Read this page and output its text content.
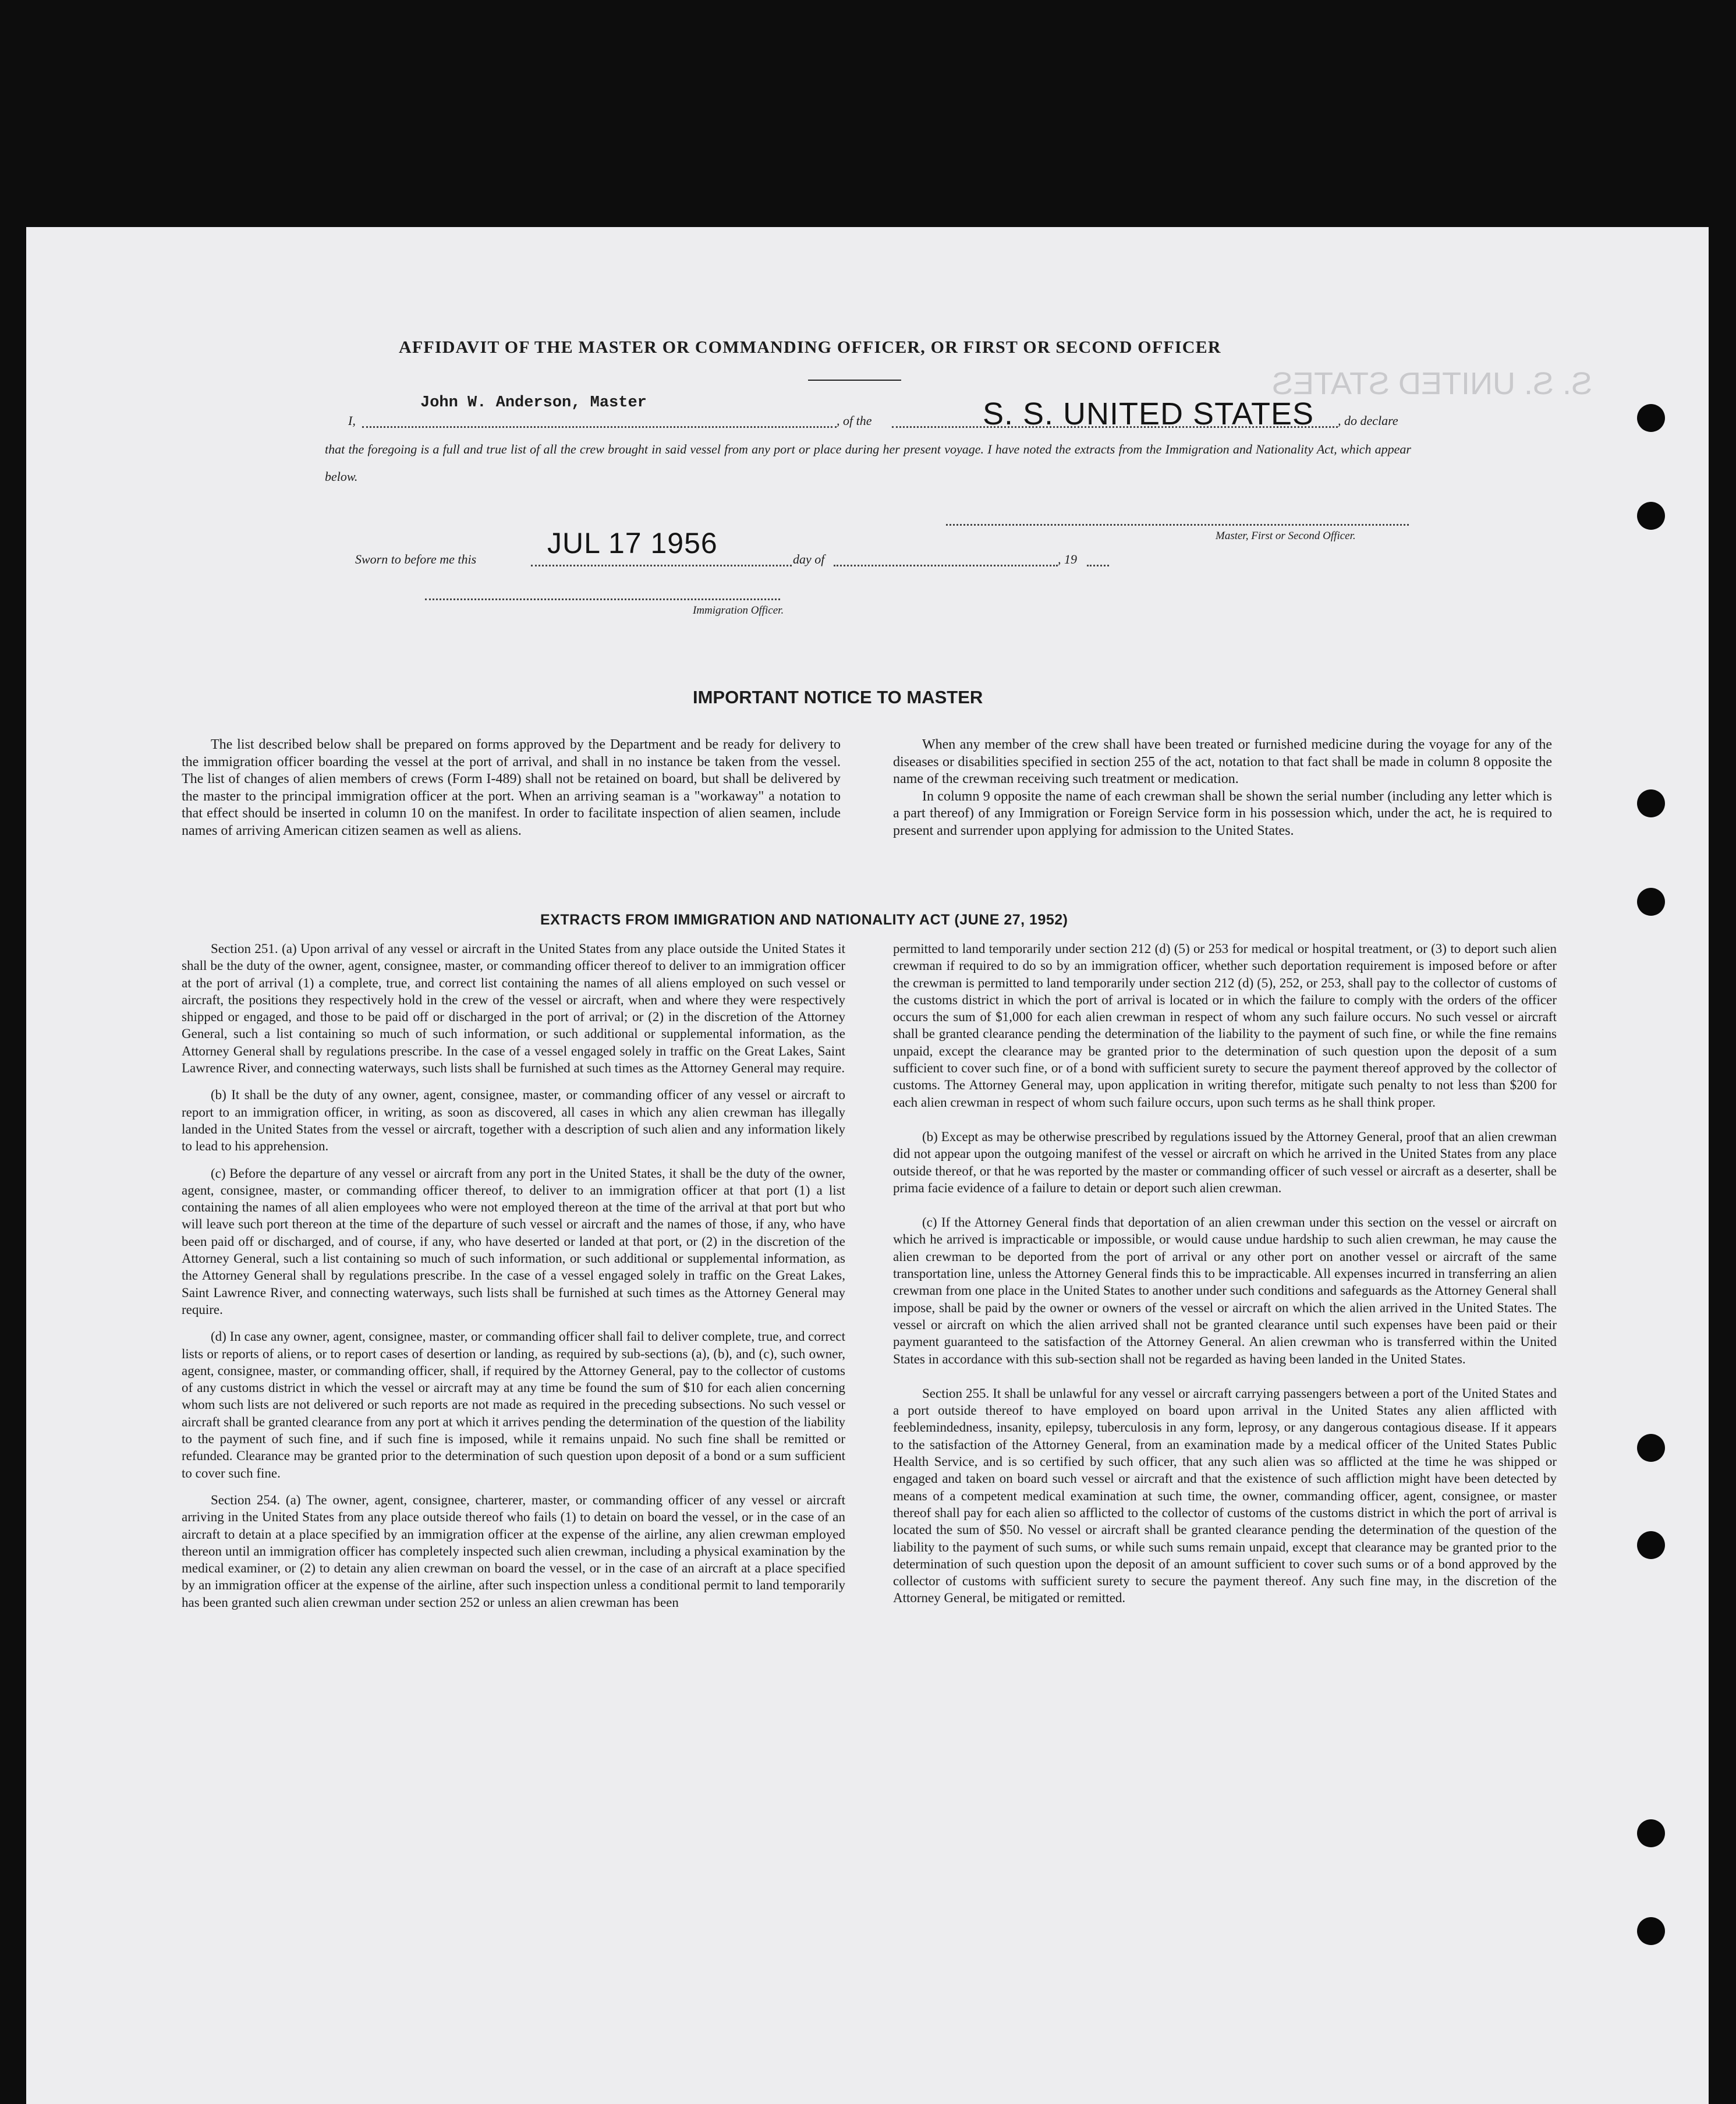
S. S. UNITED STATES
AFFIDAVIT OF THE MASTER OR COMMANDING OFFICER, OR FIRST OR SECOND OFFICER
I,
John W. Anderson, Master
, of the	S. S. UNITED STATES , do declare
that the foregoing is a full and true list of all the crew brought in said vessel from any port or place during her present voyage. I have noted the extracts from the Immigration and Nationality Act, which appear below.
Master, First or Second Officer.
Sworn to before me this JUL 17 1956	day of	, 19
Immigration Officer.
IMPORTANT NOTICE TO MASTER

The list described below shall be prepared on forms approved by the Department and be ready for delivery to the immigration officer boarding the vessel at the port of arrival, and shall in no instance be taken from the vessel. The list of changes of alien members of crews (Form I-489) shall not be retained on board, but shall be delivered by the master to the principal immigration officer at the port. When an arriving seaman is a "workaway" a notation to that effect should be inserted in column 10 on the manifest. In order to facilitate inspection of alien seamen, include names of arriving American citizen seamen as well as aliens.

When any member of the crew shall have been treated or furnished medicine during the voyage for any of the diseases or disabilities specified in section 255 of the act, notation to that fact shall be made in column 8 opposite the name of the crewman receiving such treatment or medication.

In column 9 opposite the name of each crewman shall be shown the serial number (including any letter which is a part thereof) of any Immigration or Foreign Service form in his possession which, under the act, he is required to present and surrender upon applying for admission to the United States.

EXTRACTS FROM IMMIGRATION AND NATIONALITY ACT (JUNE 27, 1952)

Section 251. (a) Upon arrival of any vessel or aircraft in the United States from any place outside the United States it shall be the duty of the owner, agent, consignee, master, or commanding officer thereof to deliver to an immigration officer at the port of arrival (1) a complete, true, and correct list containing the names of all aliens employed on such vessel or aircraft, the positions they respectively hold in the crew of the vessel or aircraft, when and where they were respectively shipped or engaged, and those to be paid off or discharged in the port of arrival; or (2) in the discretion of the Attorney General, such a list containing so much of such information, or such additional or supplemental information, as the Attorney General shall by regulations prescribe. In the case of a vessel engaged solely in traffic on the Great Lakes, Saint Lawrence River, and connecting waterways, such lists shall be furnished at such times as the Attorney General may require.

(b) It shall be the duty of any owner, agent, consignee, master, or commanding officer of any vessel or aircraft to report to an immigration officer, in writing, as soon as discovered, all cases in which any alien crewman has illegally landed in the United States from the vessel or aircraft, together with a description of such alien and any information likely to lead to his apprehension.

(c) Before the departure of any vessel or aircraft from any port in the United States, it shall be the duty of the owner, agent, consignee, master, or commanding officer thereof, to deliver to an immigration officer at that port (1) a list containing the names of all alien employees who were not employed thereon at the time of the arrival at that port but who will leave such port thereon at the time of the departure of such vessel or aircraft and the names of those, if any, who have been paid off or discharged, and of course, if any, who have deserted or landed at that port, or (2) in the discretion of the Attorney General, such a list containing so much of such information, or such additional or supplemental information, as the Attorney General shall by regulations prescribe. In the case of a vessel engaged solely in traffic on the Great Lakes, Saint Lawrence River, and connecting waterways, such lists shall be furnished at such times as the Attorney General may require.

(d) In case any owner, agent, consignee, master, or commanding officer shall fail to deliver complete, true, and correct lists or reports of aliens, or to report cases of desertion or landing, as required by sub-sections (a), (b), and (c), such owner, agent, consignee, master, or commanding officer, shall, if required by the Attorney General, pay to the collector of customs of any customs district in which the vessel or aircraft may at any time be found the sum of $10 for each alien concerning whom such lists are not delivered or such reports are not made as required in the preceding subsections. No such vessel or aircraft shall be granted clearance from any port at which it arrives pending the determination of the question of the liability to the payment of such fine, and if such fine is imposed, while it remains unpaid. No such fine shall be remitted or refunded. Clearance may be granted prior to the determination of such question upon deposit of a bond or a sum sufficient to cover such fine.

Section 254. (a) The owner, agent, consignee, charterer, master, or commanding officer of any vessel or aircraft arriving in the United States from any place outside thereof who fails (1) to detain on board the vessel, or in the case of an aircraft to detain at a place specified by an immigration officer at the expense of the airline, any alien crewman employed thereon until an immigration officer has completely inspected such alien crewman, including a physical examination by the medical examiner, or (2) to detain any alien crewman on board the vessel, or in the case of an aircraft at a place specified by an immigration officer at the expense of the airline, after such inspection unless a conditional permit to land temporarily has been granted such alien crewman under section 252 or unless an alien crewman has been

permitted to land temporarily under section 212 (d) (5) or 253 for medical or hospital treatment, or (3) to deport such alien crewman if required to do so by an immigration officer, whether such deportation requirement is imposed before or after the crewman is permitted to land temporarily under section 212 (d) (5), 252, or 253, shall pay to the collector of customs of the customs district in which the port of arrival is located or in which the failure to comply with the orders of the officer occurs the sum of $1,000 for each alien crewman in respect of whom any such failure occurs. No such vessel or aircraft shall be granted clearance pending the determination of the liability to the payment of such fine, or while the fine remains unpaid, except the clearance may be granted prior to the determination of such question upon the deposit of a sum sufficient to cover such fine, or of a bond with sufficient surety to secure the payment thereof approved by the collector of customs. The Attorney General may, upon application in writing therefor, mitigate such penalty to not less than $200 for each alien crewman in respect of whom such failure occurs, upon such terms as he shall think proper.

(b) Except as may be otherwise prescribed by regulations issued by the Attorney General, proof that an alien crewman did not appear upon the outgoing manifest of the vessel or aircraft on which he arrived in the United States from any place outside thereof, or that he was reported by the master or commanding officer of such vessel or aircraft as a deserter, shall be prima facie evidence of a failure to detain or deport such alien crewman.

(c) If the Attorney General finds that deportation of an alien crewman under this section on the vessel or aircraft on which he arrived is impracticable or impossible, or would cause undue hardship to such alien crewman, he may cause the alien crewman to be deported from the port of arrival or any other port on another vessel or aircraft of the same transportation line, unless the Attorney General finds this to be impracticable. All expenses incurred in transferring an alien crewman from one place in the United States to another under such conditions and safeguards as the Attorney General shall impose, shall be paid by the owner or owners of the vessel or aircraft on which the alien arrived in the United States. The vessel or aircraft on which the alien arrived shall not be granted clearance until such expenses have been paid or their payment guaranteed to the satisfaction of the Attorney General. An alien crewman who is transferred within the United States in accordance with this sub-section shall not be regarded as having been landed in the United States.

Section 255. It shall be unlawful for any vessel or aircraft carrying passengers between a port of the United States and a port outside thereof to have employed on board upon arrival in the United States any alien afflicted with feeblemindedness, insanity, epilepsy, tuberculosis in any form, leprosy, or any dangerous contagious disease. If it appears to the satisfaction of the Attorney General, from an examination made by a medical officer of the United States Public Health Service, and is so certified by such officer, that any such alien was so afflicted at the time he was shipped or engaged and taken on board such vessel or aircraft and that the existence of such affliction might have been detected by means of a competent medical examination at such time, the owner, commanding officer, agent, consignee, or master thereof shall pay for each alien so afflicted to the collector of customs of the customs district in which the port of arrival is located the sum of $50. No vessel or aircraft shall be granted clearance pending the determination of the question of the liability to the payment of such sums, or while such sums remain unpaid, except that clearance may be granted prior to the determination of such question upon the deposit of an amount sufficient to cover such sums or of a bond approved by the collector of customs with sufficient surety to secure the payment thereof. Any such fine may, in the discretion of the Attorney General, be mitigated or remitted.
